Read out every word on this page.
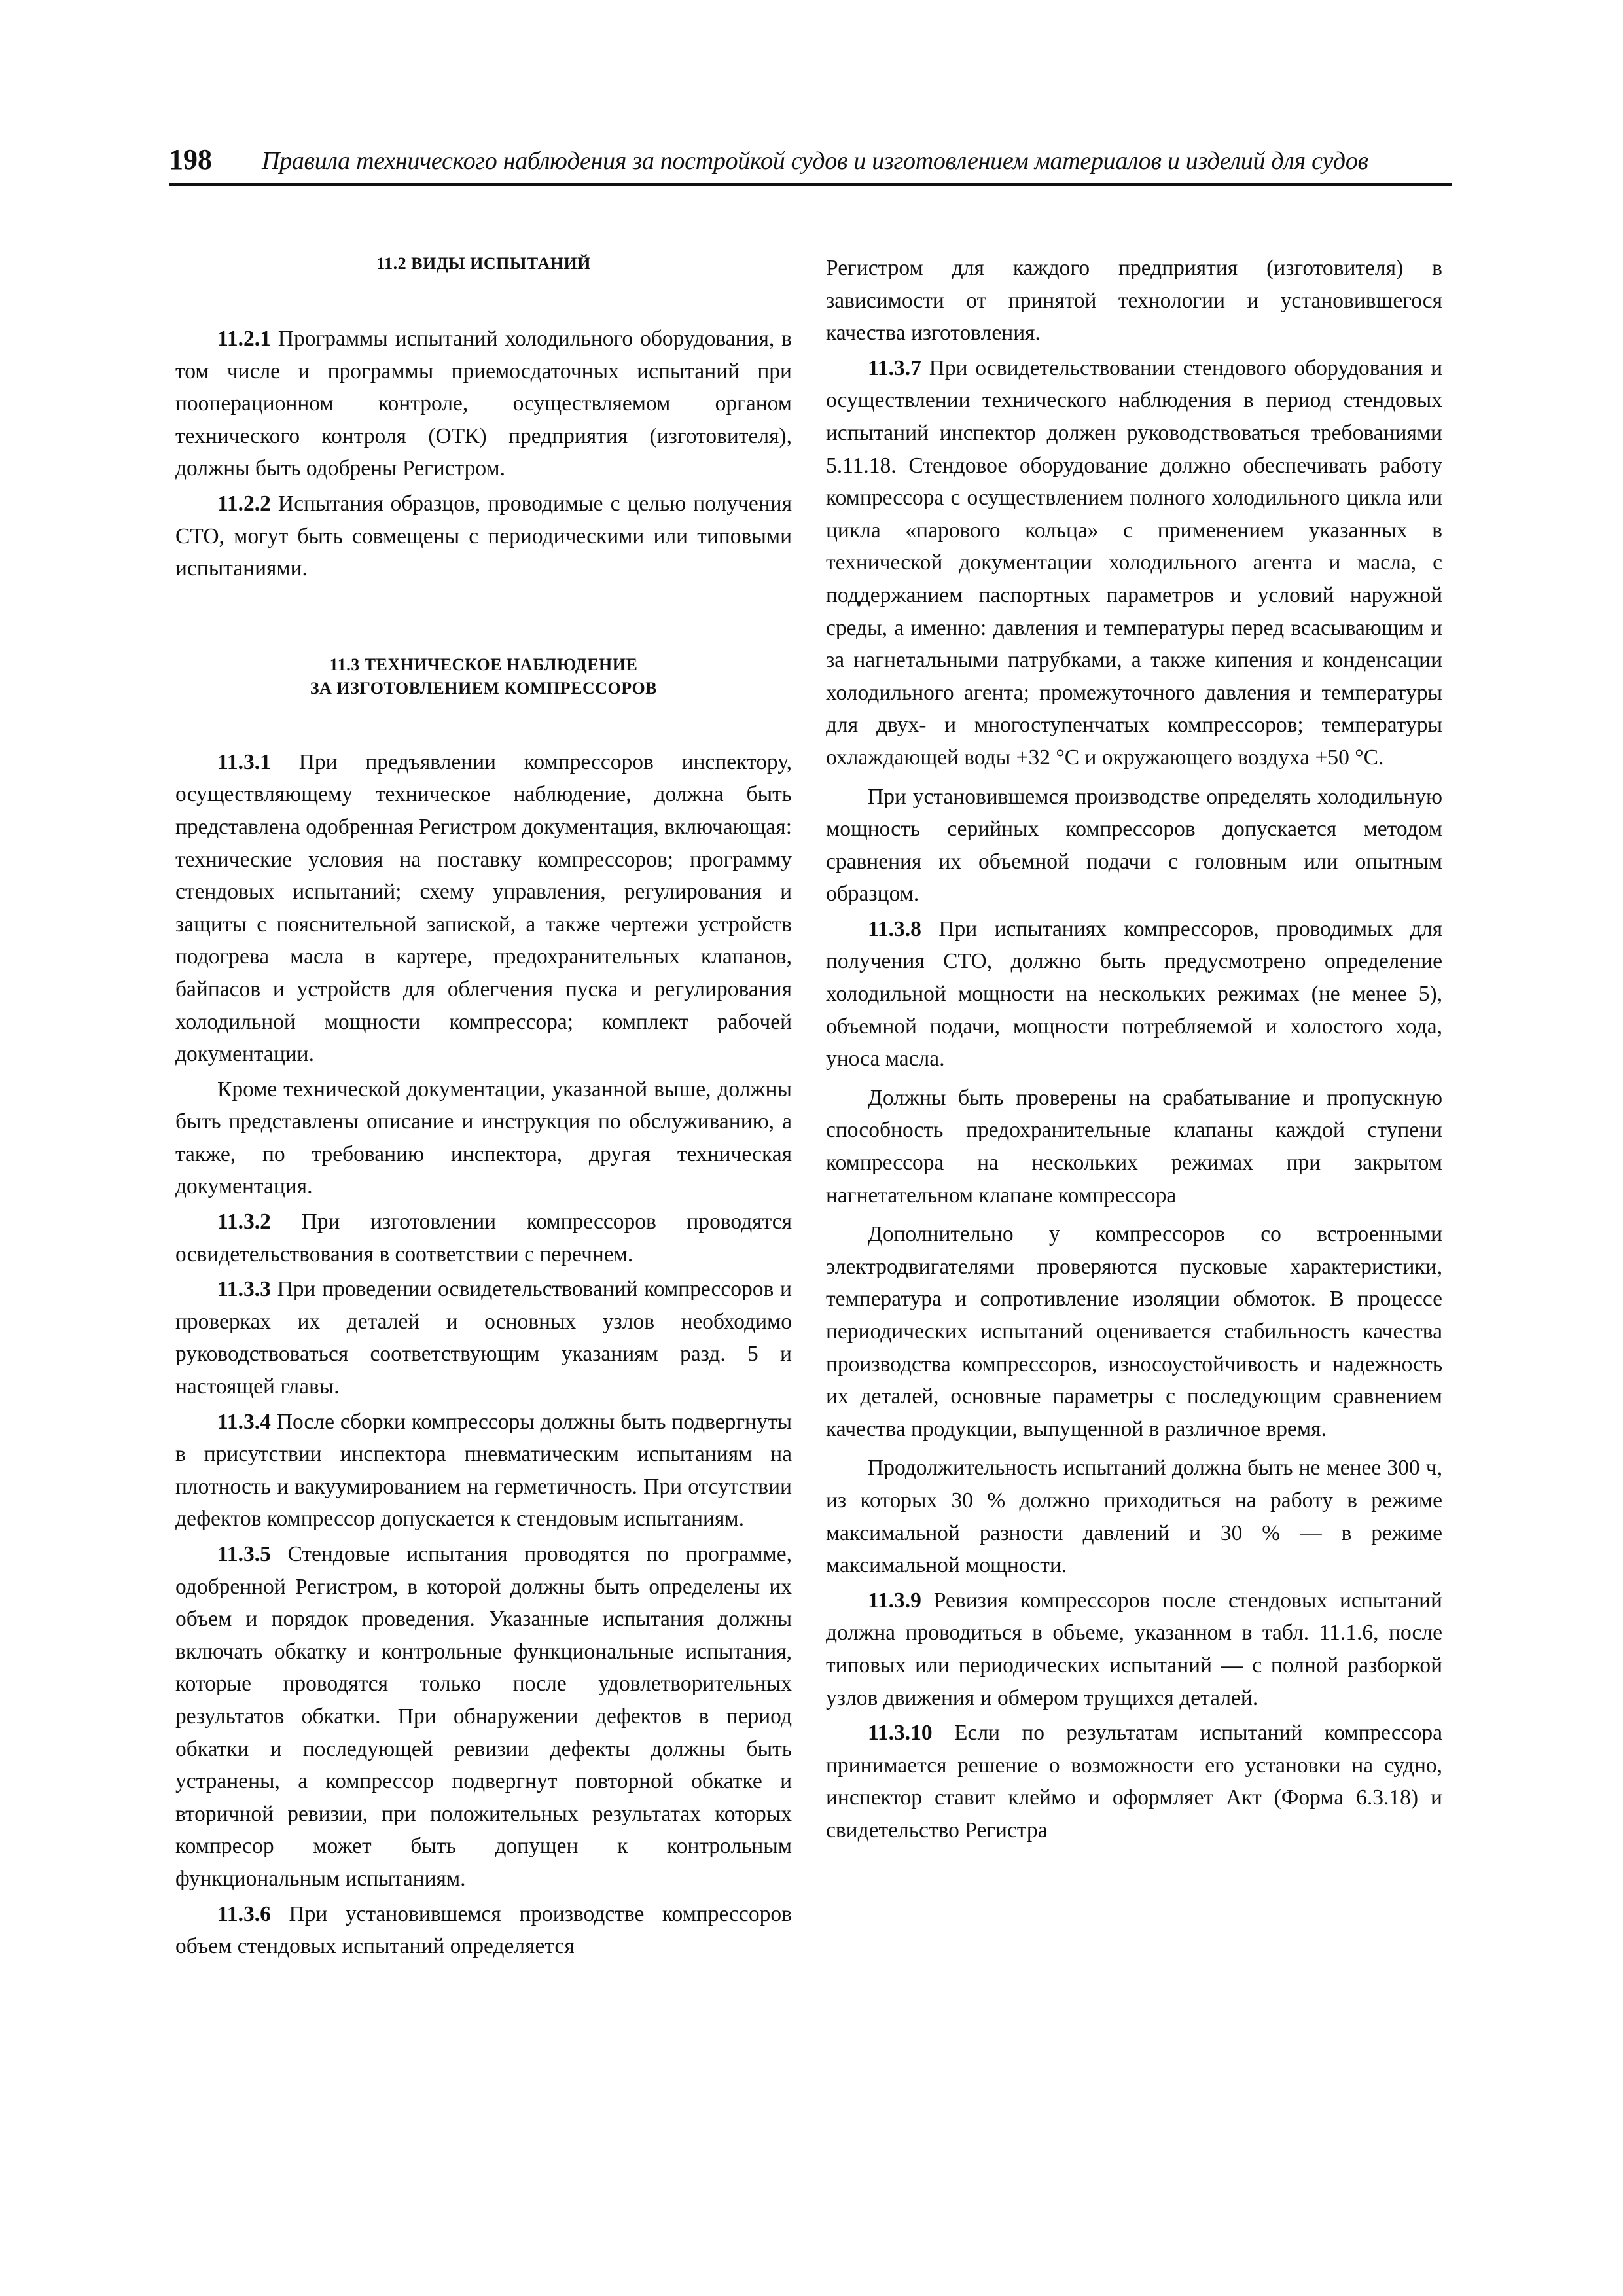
198	Правила технического наблюдения за постройкой судов и изготовлением материалов и изделий для судов
11.2 ВИДЫ ИСПЫТАНИЙ

11.2.1 Программы испытаний холодильного оборудования, в том числе и программы приемосдаточных испытаний при пооперационном контроле, осуществляемом органом технического контроля (ОТК) предприятия (изготовителя), должны быть одобрены Регистром.

11.2.2 Испытания образцов, проводимые с целью получения СТО, могут быть совмещены с периодическими или типовыми испытаниями.

11.3 ТЕХНИЧЕСКОЕ НАБЛЮДЕНИЕ
ЗА ИЗГОТОВЛЕНИЕМ КОМПРЕССОРОВ

11.3.1 При предъявлении компрессоров инспектору, осуществляющему техническое наблюдение, должна быть представлена одобренная Регистром документация, включающая: технические условия на поставку компрессоров; программу стендовых испытаний; схему управления, регулирования и защиты с пояснительной запиской, а также чертежи устройств подогрева масла в картере, предохранительных клапанов, байпасов и устройств для облегчения пуска и регулирования холодильной мощности компрессора; комплект рабочей документации.

Кроме технической документации, указанной выше, должны быть представлены описание и инструкция по обслуживанию, а также, по требованию инспектора, другая техническая документация.

11.3.2 При изготовлении компрессоров проводятся освидетельствования в соответствии с перечнем.

11.3.3 При проведении освидетельствований компрессоров и проверках их деталей и основных узлов необходимо руководствоваться соответствующим указаниям разд. 5 и настоящей главы.

11.3.4 После сборки компрессоры должны быть подвергнуты в присутствии инспектора пневматическим испытаниям на плотность и вакуумированием на герметичность. При отсутствии дефектов компрессор допускается к стендовым испытаниям.

11.3.5 Стендовые испытания проводятся по программе, одобренной Регистром, в которой должны быть определены их объем и порядок проведения. Указанные испытания должны включать обкатку и контрольные функциональные испытания, которые проводятся только после удовлетворительных результатов обкатки. При обнаружении дефектов в период обкатки и последующей ревизии дефекты должны быть устранены, а компрессор подвергнут повторной обкатке и вторичной ревизии, при положительных результатах которых компресор может быть допущен к контрольным функциональным испытаниям.

11.3.6 При установившемся производстве компрессоров объем стендовых испытаний определяется

Регистром для каждого предприятия (изготовителя) в зависимости от принятой технологии и установившегося качества изготовления.

11.3.7 При освидетельствовании стендового оборудования и осуществлении технического наблюдения в период стендовых испытаний инспектор должен руководствоваться требованиями 5.11.18. Стендовое оборудование должно обеспечивать работу компрессора с осуществлением полного холодильного цикла или цикла «парового кольца» с применением указанных в технической документации холодильного агента и масла, с поддержанием паспортных параметров и условий наружной среды, а именно: давления и температуры перед всасывающим и за нагнетальными патрубками, а также кипения и конденсации холодильного агента; промежуточного давления и температуры для двух- и многоступенчатых компрессоров; температуры охлаждающей воды +32 °C и окружающего воздуха +50 °C.

При установившемся производстве определять холодильную мощность серийных компрессоров допускается методом сравнения их объемной подачи с головным или опытным образцом.

11.3.8 При испытаниях компрессоров, проводимых для получения СТО, должно быть предусмотрено определение холодильной мощности на нескольких режимах (не менее 5), объемной подачи, мощности потребляемой и холостого хода, уноса масла.

Должны быть проверены на срабатывание и пропускную способность предохранительные клапаны каждой ступени компрессора на нескольких режимах при закрытом нагнетательном клапане компрессора

Дополнительно у компрессоров со встроенными электродвигателями проверяются пусковые характеристики, температура и сопротивление изоляции обмоток. В процессе периодических испытаний оценивается стабильность качества производства компрессоров, износоустойчивость и надежность их деталей, основные параметры с последующим сравнением качества продукции, выпущенной в различное время.

Продолжительность испытаний должна быть не менее 300 ч, из которых 30 % должно приходиться на работу в режиме максимальной разности давлений и 30 % — в режиме максимальной мощности.

11.3.9 Ревизия компрессоров после стендовых испытаний должна проводиться в объеме, указанном в табл. 11.1.6, после типовых или периодических испытаний — с полной разборкой узлов движения и обмером трущихся деталей.

11.3.10 Если по результатам испытаний компрессора принимается решение о возможности его установки на судно, инспектор ставит клеймо и оформляет Акт (Форма 6.3.18) и свидетельство Регистра
